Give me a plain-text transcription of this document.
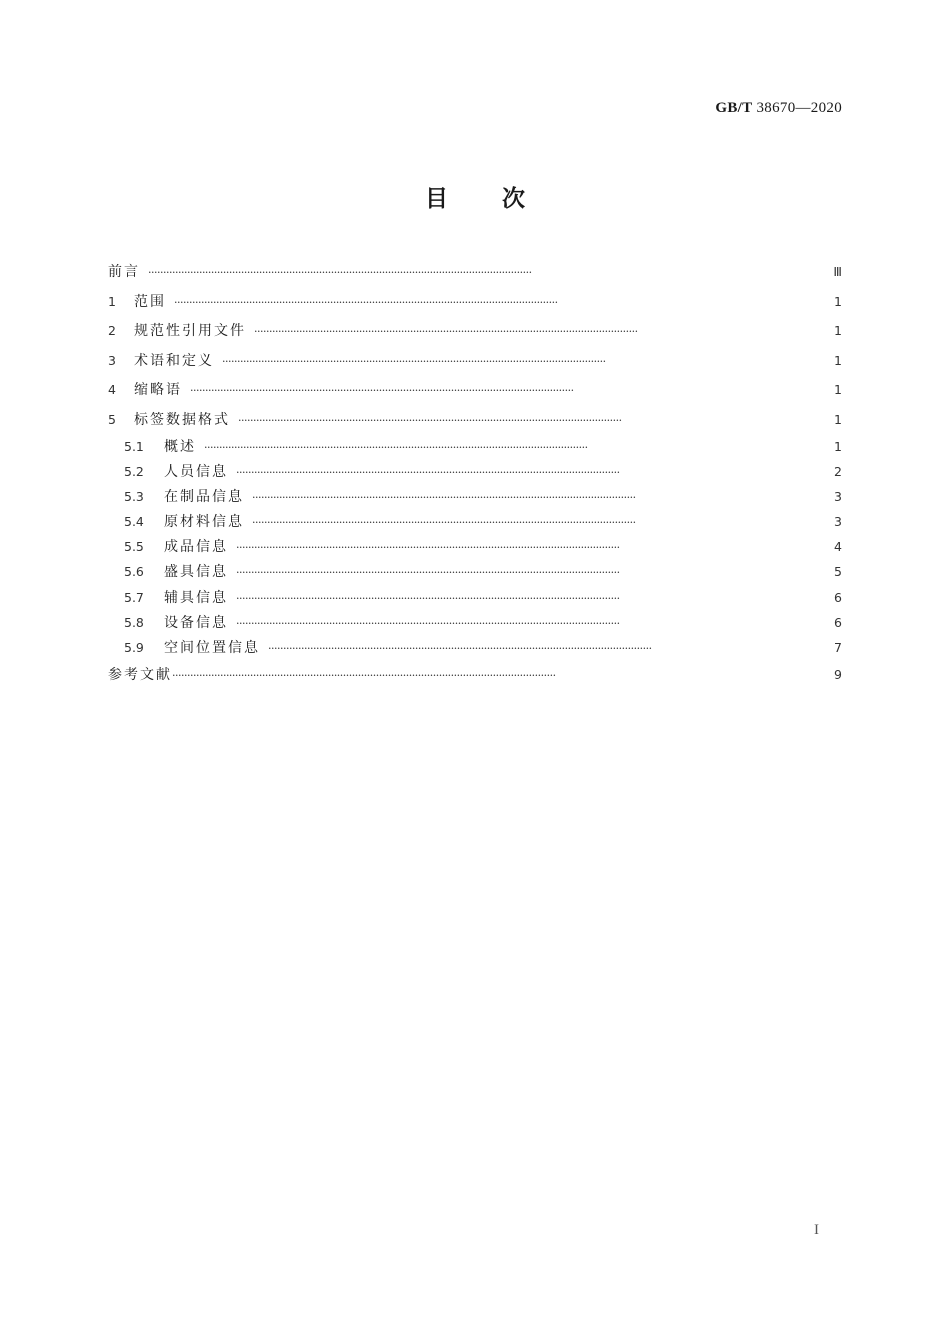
GB/T 38670—2020
目 次
前言 ································································································································	Ⅲ
1	范围 ································································································································	1
2	规范性引用文件 ································································································································	1
3	术语和定义 ································································································································	1
4	缩略语 ································································································································	1
5	标签数据格式 ································································································································	1
5.1	概述 ································································································································	1
5.2	人员信息 ································································································································	2
5.3	在制品信息 ································································································································	3
5.4	原材料信息 ································································································································	3
5.5	成品信息 ································································································································	4
5.6	盛具信息 ································································································································	5
5.7	辅具信息 ································································································································	6
5.8	设备信息 ································································································································	6
5.9	空间位置信息 ································································································································	7
参考文献 ································································································································	9
I
